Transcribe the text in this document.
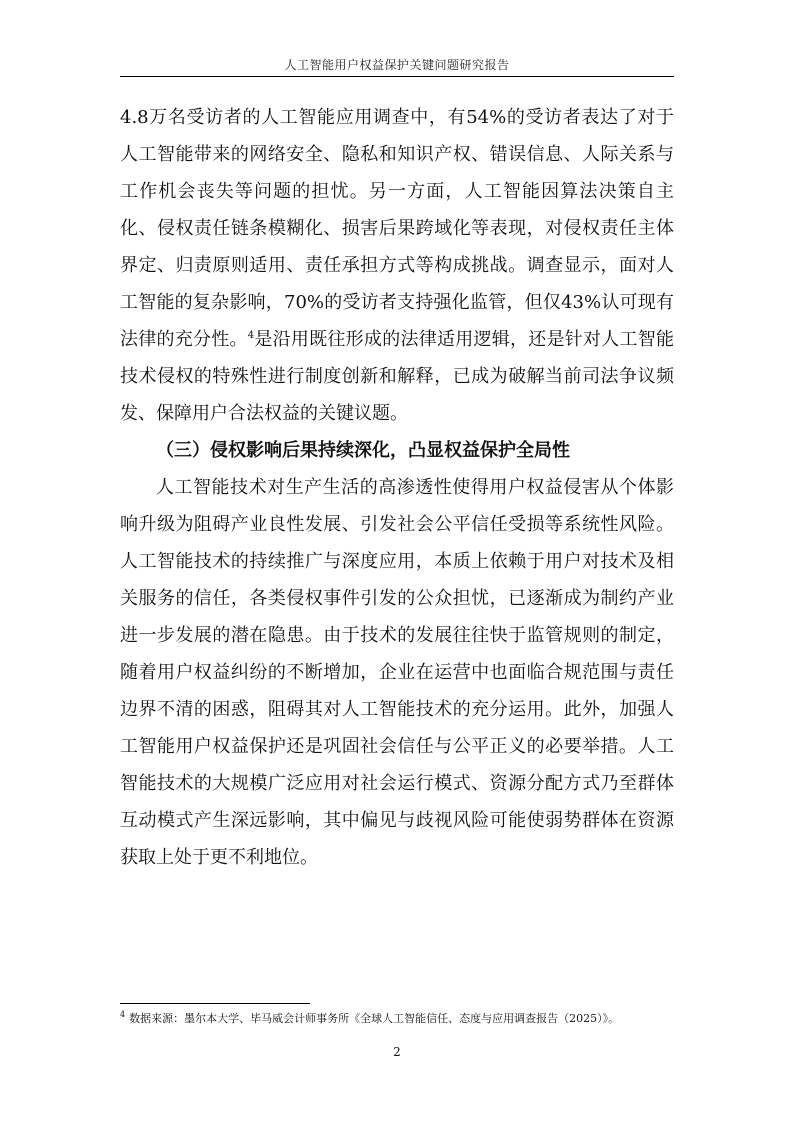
人工智能用户权益保护关键问题研究报告

4.8万名受访者的人工智能应用调查中，有54%的受访者表达了对于人工智能带来的网络安全、隐私和知识产权、错误信息、人际关系与工作机会丧失等问题的担忧。另一方面，人工智能因算法决策自主化、侵权责任链条模糊化、损害后果跨域化等表现，对侵权责任主体界定、归责原则适用、责任承担方式等构成挑战。调查显示，面对人工智能的复杂影响，70%的受访者支持强化监管，但仅43%认可现有法律的充分性。$^4$是沿用既往形成的法律适用逻辑，还是针对人工智能技术侵权的特殊性进行制度创新和解释，已成为破解当前司法争议频发、保障用户合法权益的关键议题。

（三）侵权影响后果持续深化，凸显权益保护全局性

人工智能技术对生产生活的高渗透性使得用户权益侵害从个体影响升级为阻碍产业良性发展、引发社会公平信任受损等系统性风险。人工智能技术的持续推广与深度应用，本质上依赖于用户对技术及相关服务的信任，各类侵权事件引发的公众担忧，已逐渐成为制约产业进一步发展的潜在隐患。由于技术的发展往往快于监管规则的制定，随着用户权益纠纷的不断增加，企业在运营中也面临合规范围与责任边界不清的困惑，阻碍其对人工智能技术的充分运用。此外，加强人工智能用户权益保护还是巩固社会信任与公平正义的必要举措。人工智能技术的大规模广泛应用对社会运行模式、资源分配方式乃至群体互动模式产生深远影响，其中偏见与歧视风险可能使弱势群体在资源获取上处于更不利地位。

$^4$ 数据来源：墨尔本大学、毕马威会计师事务所《全球人工智能信任、态度与应用调查报告（2025）》。
2
